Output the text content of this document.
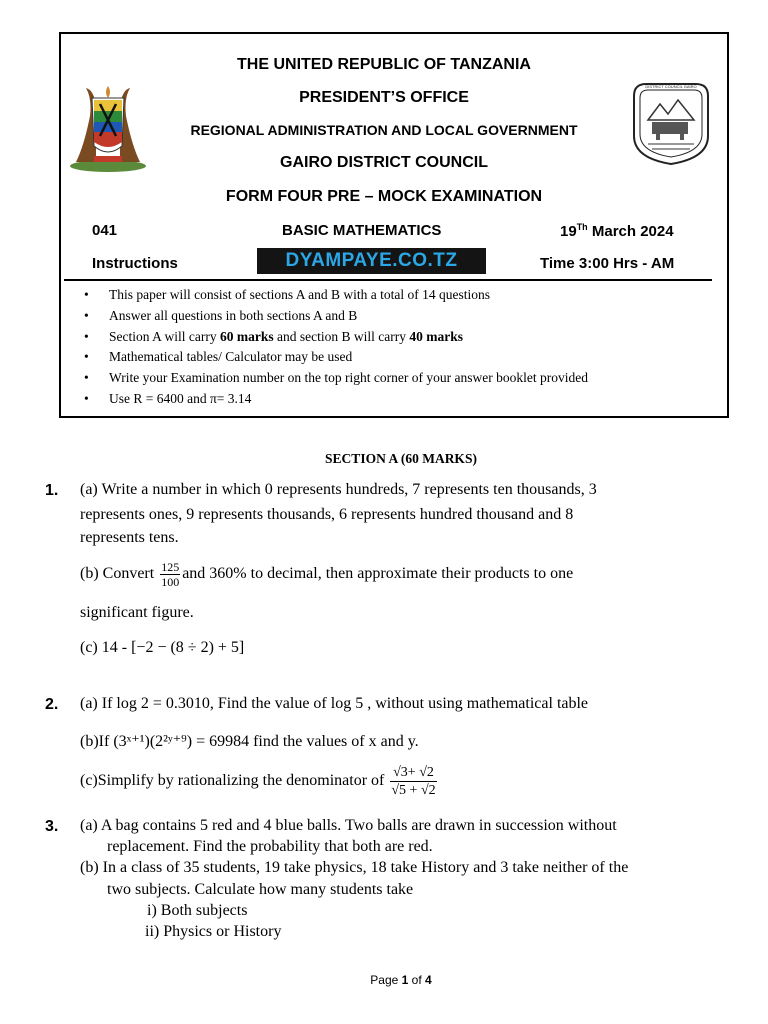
DISTRICT COUNCIL GAIRO
THE UNITED REPUBLIC OF TANZANIA
PRESIDENT’S OFFICE
REGIONAL ADMINISTRATION AND LOCAL GOVERNMENT
GAIRO DISTRICT COUNCIL
FORM FOUR PRE – MOCK EXAMINATION
041	BASIC MATHEMATICS	19Th March 2024
Instructions	DYAMPAYE.CO.TZ	Time 3:00 Hrs - AM
• This paper will consist of sections A and B with a total of 14 questions
• Answer all questions in both sections A and B
• Section A will carry 60 marks and section B will carry 40 marks
• Mathematical tables/ Calculator may be used
• Write your Examination number on the top right corner of your answer booklet provided
• Use R = 6400 and π= 3.14
SECTION A (60 MARKS)
1. (a) Write a number in which 0 represents hundreds, 7 represents ten thousands, 3
represents ones, 9 represents thousands, 6 represents hundred thousand and 8
represents tens.
(b) Convert $\frac{125}{100}$ and 360% to decimal, then approximate their products to one
significant figure.
(c) 14 - [−2 − (8 ÷ 2) + 5]
2. (a) If log 2 = 0.3010, Find the value of log 5 , without using mathematical table
(b)If (3ˣ⁺¹)(2²ʸ⁺⁹) = 69984 find the values of x and y.
(c)Simplify by rationalizing the denominator of $\frac{√3+ √2}{√5 + √2}$
3. (a) A bag contains 5 red and 4 blue balls. Two balls are drawn in succession without
replacement. Find the probability that both are red.
(b) In a class of 35 students, 19 take physics, 18 take History and 3 take neither of the
two subjects. Calculate how many students take
i) Both subjects
ii) Physics or History
Page 1 of 4
